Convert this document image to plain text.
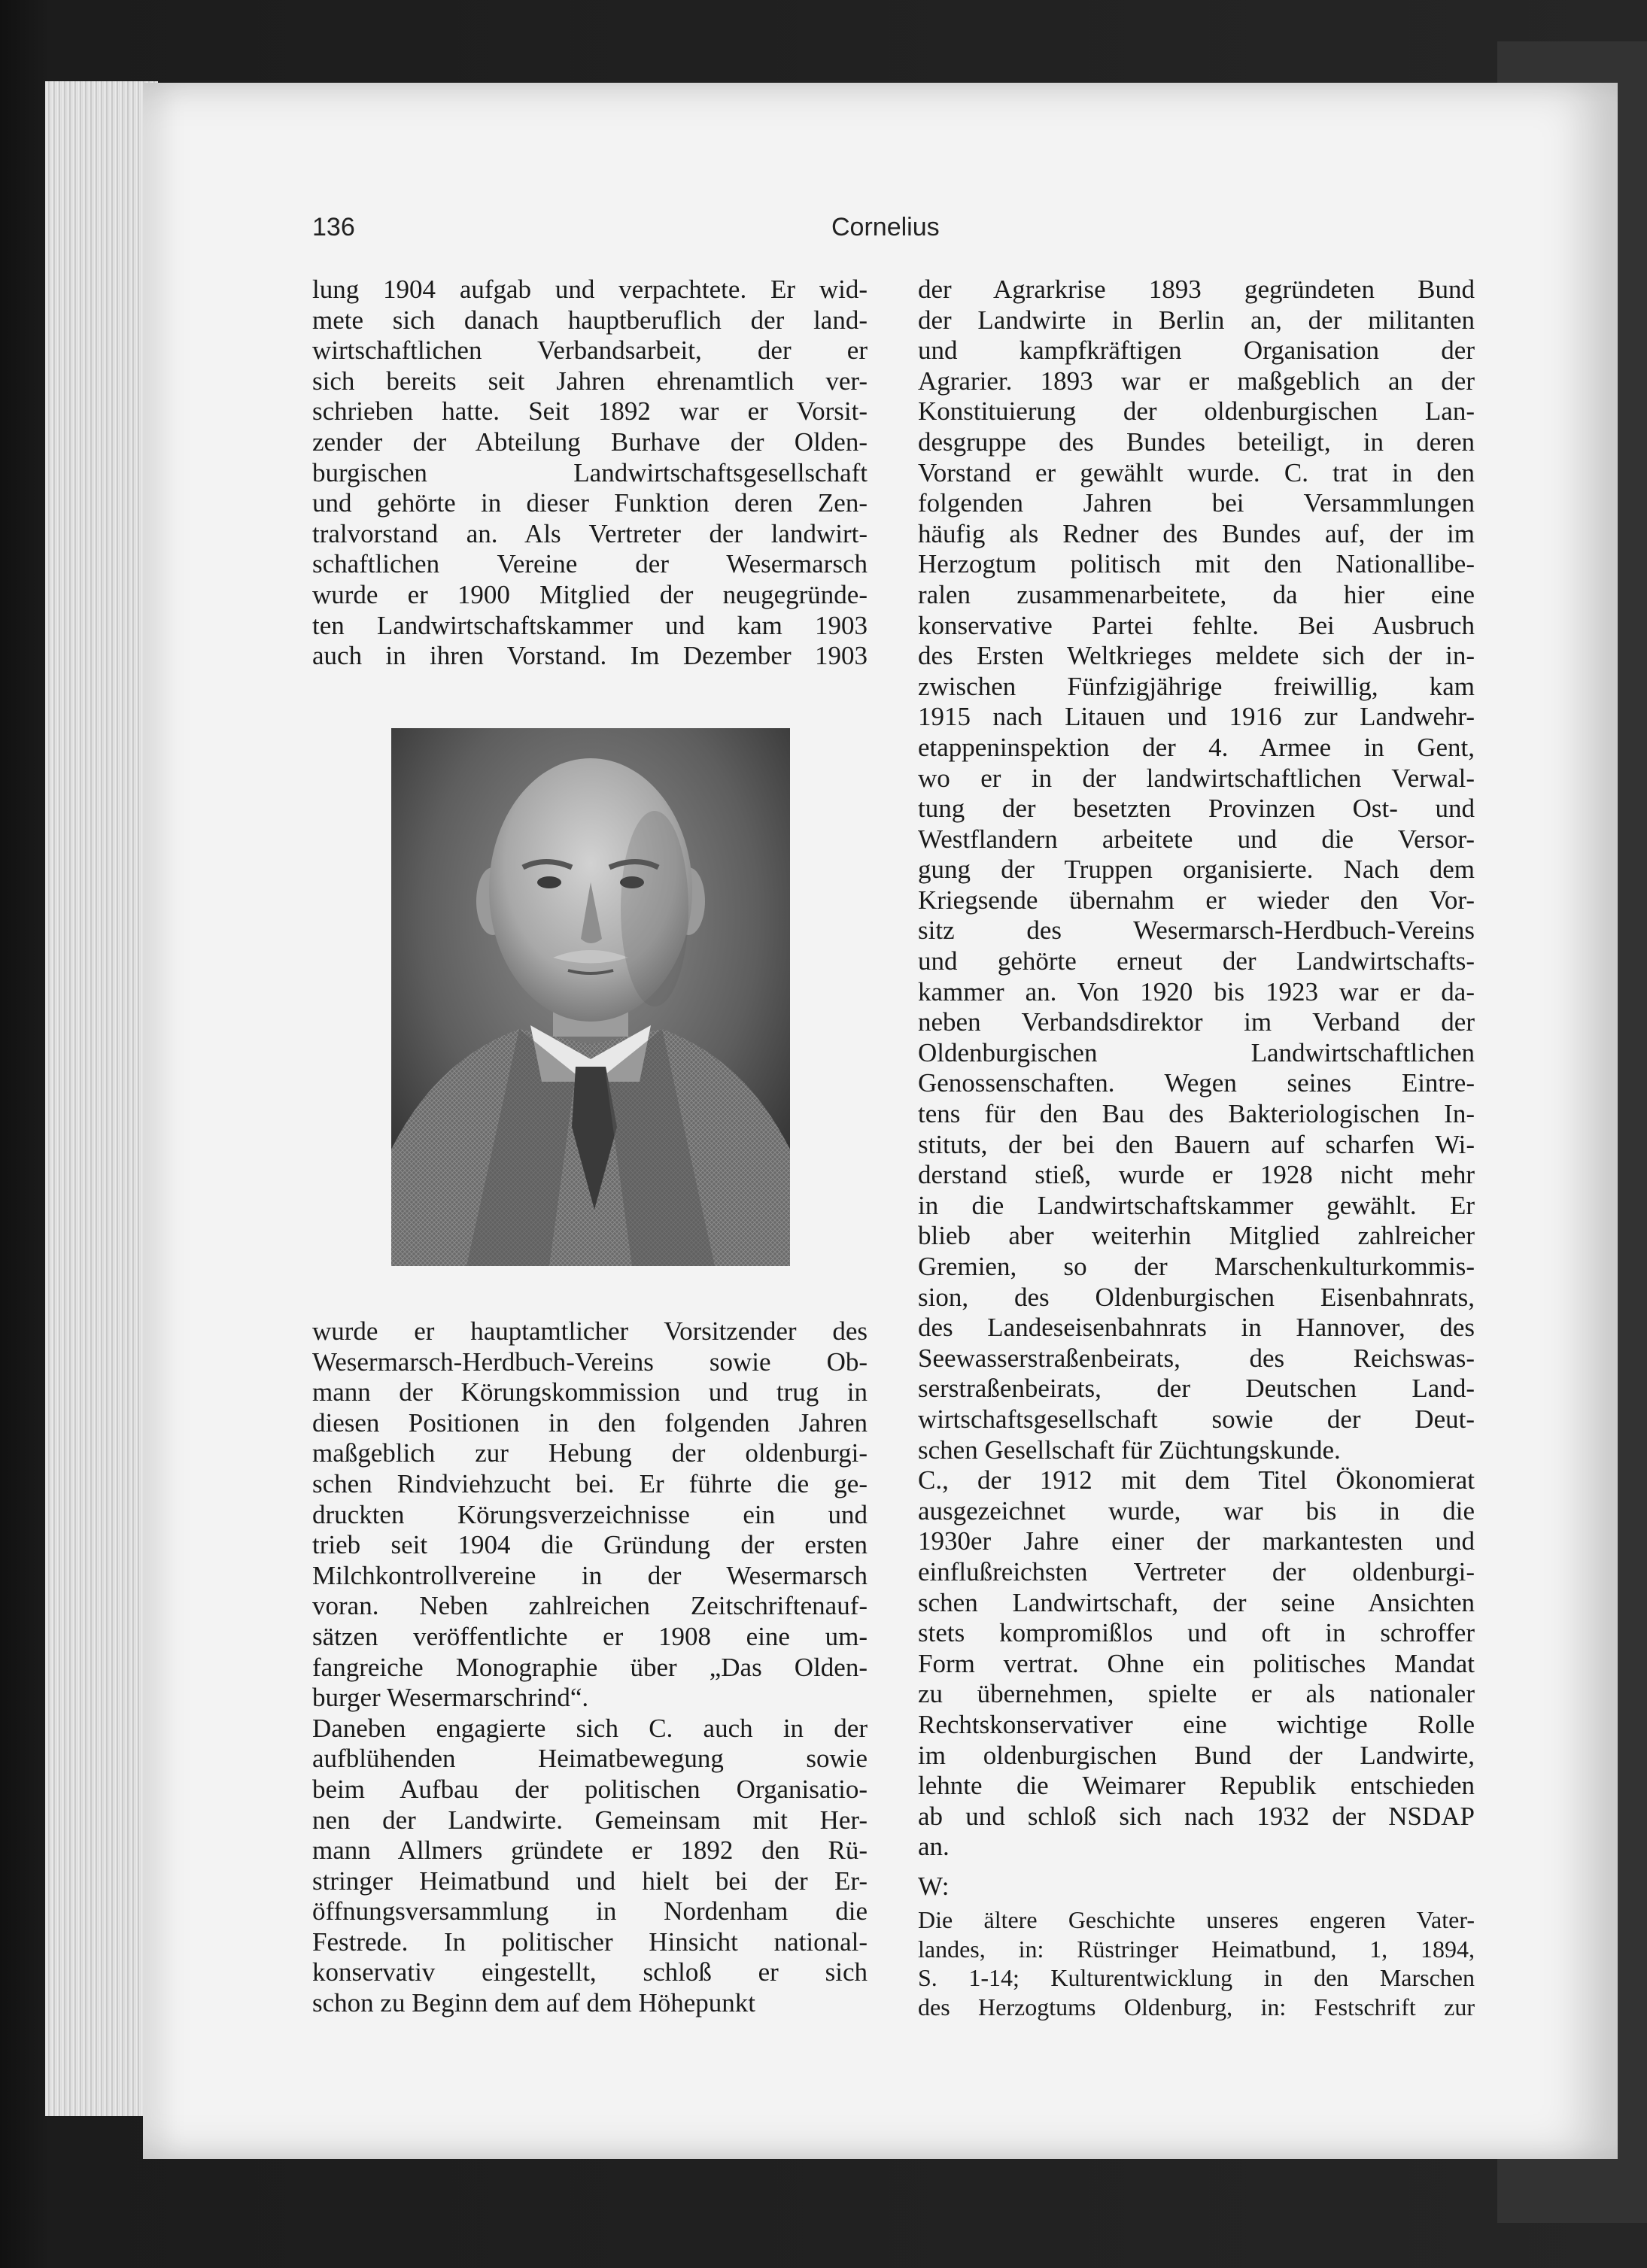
136	Cornelius
lung 1904 aufgab und verpachtete. Er wid-
mete sich danach hauptberuflich der land-
wirtschaftlichen Verbandsarbeit, der er
sich bereits seit Jahren ehrenamtlich ver-
schrieben hatte. Seit 1892 war er Vorsit-
zender der Abteilung Burhave der Olden-
burgischen Landwirtschaftsgesellschaft
und gehörte in dieser Funktion deren Zen-
tralvorstand an. Als Vertreter der landwirt-
schaftlichen Vereine der Wesermarsch
wurde er 1900 Mitglied der neugegründe-
ten Landwirtschaftskammer und kam 1903
auch in ihren Vorstand. Im Dezember 1903
wurde er hauptamtlicher Vorsitzender des
Wesermarsch-Herdbuch-Vereins sowie Ob-
mann der Körungskommission und trug in
diesen Positionen in den folgenden Jahren
maßgeblich zur Hebung der oldenburgi-
schen Rindviehzucht bei. Er führte die ge-
druckten Körungsverzeichnisse ein und
trieb seit 1904 die Gründung der ersten
Milchkontrollvereine in der Wesermarsch
voran. Neben zahlreichen Zeitschriftenauf-
sätzen veröffentlichte er 1908 eine um-
fangreiche Monographie über „Das Olden-
burger Wesermarschrind“.
Daneben engagierte sich C. auch in der
aufblühenden Heimatbewegung sowie
beim Aufbau der politischen Organisatio-
nen der Landwirte. Gemeinsam mit Her-
mann Allmers gründete er 1892 den Rü-
stringer Heimatbund und hielt bei der Er-
öffnungsversammlung in Nordenham die
Festrede. In politischer Hinsicht national-
konservativ eingestellt, schloß er sich
schon zu Beginn dem auf dem Höhepunkt
der Agrarkrise 1893 gegründeten Bund
der Landwirte in Berlin an, der militanten
und kampfkräftigen Organisation der
Agrarier. 1893 war er maßgeblich an der
Konstituierung der oldenburgischen Lan-
desgruppe des Bundes beteiligt, in deren
Vorstand er gewählt wurde. C. trat in den
folgenden Jahren bei Versammlungen
häufig als Redner des Bundes auf, der im
Herzogtum politisch mit den Nationallibe-
ralen zusammenarbeitete, da hier eine
konservative Partei fehlte. Bei Ausbruch
des Ersten Weltkrieges meldete sich der in-
zwischen Fünfzigjährige freiwillig, kam
1915 nach Litauen und 1916 zur Landwehr-
etappeninspektion der 4. Armee in Gent,
wo er in der landwirtschaftlichen Verwal-
tung der besetzten Provinzen Ost- und
Westflandern arbeitete und die Versor-
gung der Truppen organisierte. Nach dem
Kriegsende übernahm er wieder den Vor-
sitz des Wesermarsch-Herdbuch-Vereins
und gehörte erneut der Landwirtschafts-
kammer an. Von 1920 bis 1923 war er da-
neben Verbandsdirektor im Verband der
Oldenburgischen Landwirtschaftlichen
Genossenschaften. Wegen seines Eintre-
tens für den Bau des Bakteriologischen In-
stituts, der bei den Bauern auf scharfen Wi-
derstand stieß, wurde er 1928 nicht mehr
in die Landwirtschaftskammer gewählt. Er
blieb aber weiterhin Mitglied zahlreicher
Gremien, so der Marschenkulturkommis-
sion, des Oldenburgischen Eisenbahnrats,
des Landeseisenbahnrats in Hannover, des
Seewasserstraßenbeirats, des Reichswas-
serstraßenbeirats, der Deutschen Land-
wirtschaftsgesellschaft sowie der Deut-
schen Gesellschaft für Züchtungskunde.
C., der 1912 mit dem Titel Ökonomierat
ausgezeichnet wurde, war bis in die
1930er Jahre einer der markantesten und
einflußreichsten Vertreter der oldenburgi-
schen Landwirtschaft, der seine Ansichten
stets kompromißlos und oft in schroffer
Form vertrat. Ohne ein politisches Mandat
zu übernehmen, spielte er als nationaler
Rechtskonservativer eine wichtige Rolle
im oldenburgischen Bund der Landwirte,
lehnte die Weimarer Republik entschieden
ab und schloß sich nach 1932 der NSDAP
an.
W:
Die ältere Geschichte unseres engeren Vater-
landes, in: Rüstringer Heimatbund, 1, 1894,
S. 1-14; Kulturentwicklung in den Marschen
des Herzogtums Oldenburg, in: Festschrift zur
